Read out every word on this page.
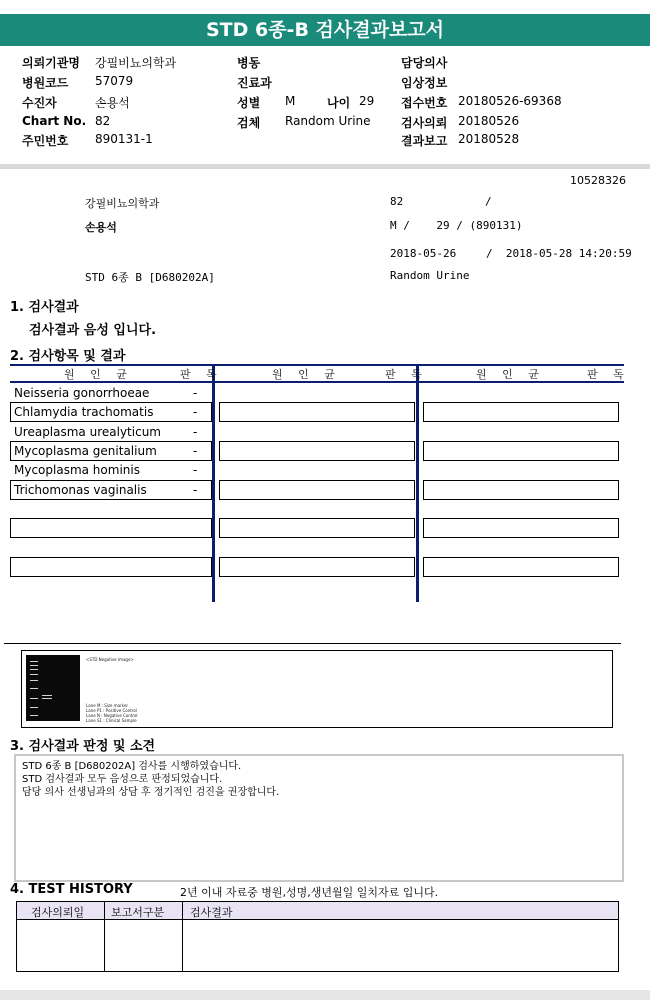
STD 6종-B 검사결과보고서
의뢰기관명 강필비뇨의학과
병원코드 57079
수진자	손용석
Chart No. 82
주민번호 890131-1
병동
진료과
성별 M	나이 29
검체 Random Urine
담당의사
임상정보
접수번호 20180526-69368
검사의뢰 20180526
결과보고 20180528
10528326
강필비뇨의학과	82	/
손용석	M /    29 / (890131)
2018-05-26	/  2018-05-28 14:20:59
STD 6종 B [D680202A]	Random Urine
1. 검사결과
검사결과 음성 입니다.
2. 검사항목 및 결과
원 인 균	판 독	원 인 균	판 독	원 인 균	판 독
Neisseria gonorrhoeae	-
Chlamydia trachomatis	-
Ureaplasma urealyticum	-
Mycoplasma genitalium	-
Mycoplasma hominis	-
Trichomonas vaginalis	-
<STD Negative Image>
Lane M : Size marker
Lane P1 : Positive Control
Lane N : Negative Control
Lane S1 : Clinical Sample
3. 검사결과 판정 및 소견
STD 6종 B [D680202A] 검사를 시행하였습니다.
STD 검사결과 모두 음성으로 판정되었습니다.
담당 의사 선생님과의 상담 후 정기적인 검진을 권장합니다.
4. TEST HISTORY	2년 이내 자료중 병원,성명,생년월일 일치자료 입니다.
검사의뢰일 보고서구분 검사결과
